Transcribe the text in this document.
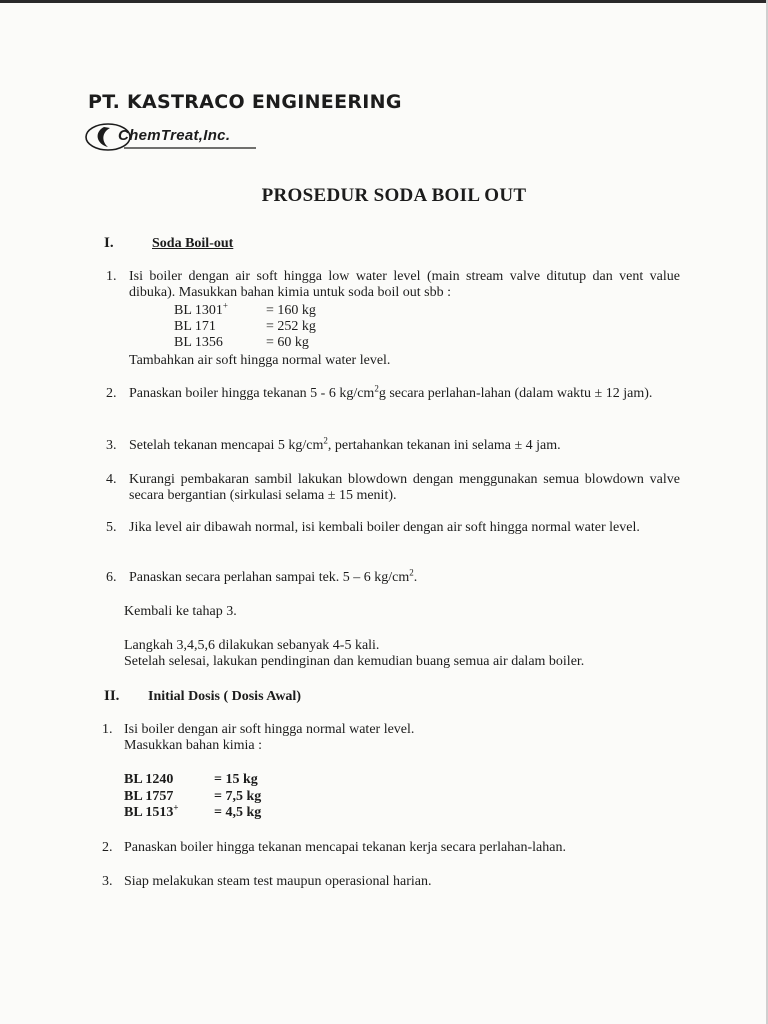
PT. KASTRACO ENGINEERING
ChemTreat,Inc.
PROSEDUR SODA BOIL OUT
I.	Soda Boil-out
1. Isi boiler dengan air soft hingga low water level (main stream valve ditutup dan vent value dibuka). Masukkan bahan kimia untuk soda boil out sbb :
BL 1301+	= 160 kg
BL 171	= 252 kg
BL 1356	= 60 kg
Tambahkan air soft hingga normal water level.
2. Panaskan boiler hingga tekanan 5 - 6 $kg/cm^2g$ secara perlahan-lahan (dalam waktu ± 12 jam).
3. Setelah tekanan mencapai 5 $kg/cm^2$, pertahankan tekanan ini selama ± 4 jam.
4. Kurangi pembakaran sambil lakukan blowdown dengan menggunakan semua blowdown valve secara bergantian (sirkulasi selama ± 15 menit).
5. Jika level air dibawah normal, isi kembali boiler dengan air soft hingga normal water level.
6. Panaskan secara perlahan sampai tek. 5 – 6 $kg/cm^2$.
Kembali ke tahap 3.
Langkah 3,4,5,6 dilakukan sebanyak 4-5 kali.
Setelah selesai, lakukan pendinginan dan kemudian buang semua air dalam boiler.
II. Initial Dosis ( Dosis Awal)
1. Isi boiler dengan air soft hingga normal water level.
Masukkan bahan kimia :
BL 1240	= 15 kg
BL 1757	= 7,5 kg
BL 1513+	= 4,5 kg
2. Panaskan boiler hingga tekanan mencapai tekanan kerja secara perlahan-lahan.
3. Siap melakukan steam test maupun operasional harian.
